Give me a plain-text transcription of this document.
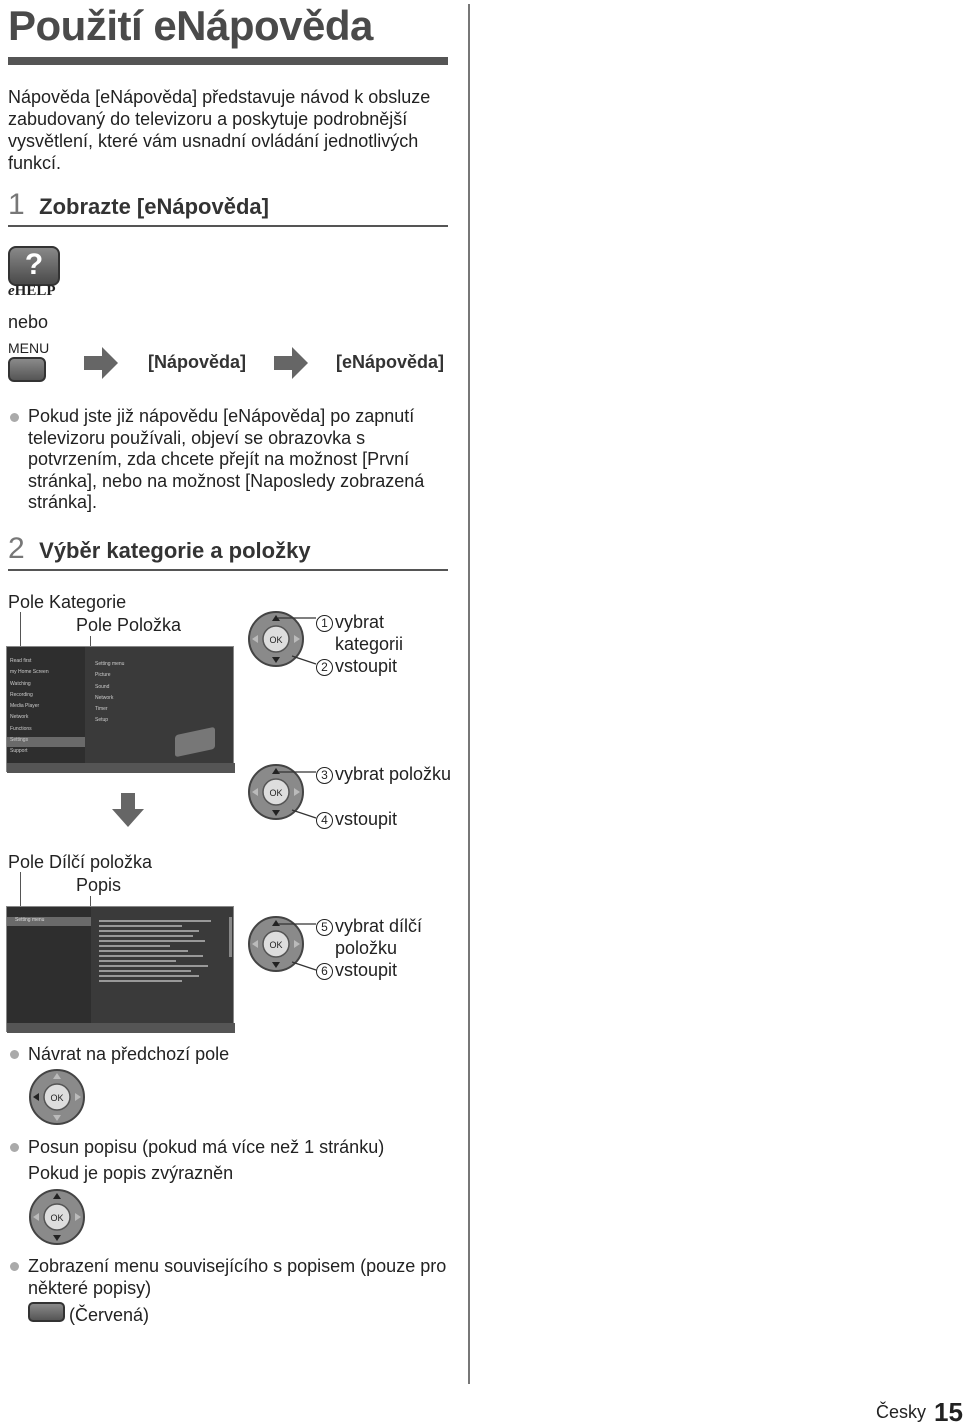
Použití eNápověda
Nápověda [eNápověda] představuje návod k obsluze zabudovaný do televizoru a poskytuje podrobnější vysvětlení, které vám usnadní ovládání jednotlivých funkcí.
1 Zobrazte [eNápověda]
?
eHELP
nebo
MENU
[Nápověda]	[eNápověda]
Pokud jste již nápovědu [eNápověda] po zapnutí televizoru používali, objeví se obrazovka s potvrzením, zda chcete přejít na možnost [První stránka], nebo na možnost [Naposledy zobrazená stránka].
2 Výběr kategorie a položky
Pole Kategorie
Pole Položka
Read first
my Home Screen
Watching
Recording
Media Player
Network
Functions
Settings
Support
Setting menu
Picture
Sound
Network
Timer
Setup
OK
1 vybrat
kategorii
2 vstoupit
OK
3 vybrat položku
4 vstoupit
Pole Dílčí položka
Popis
Setting menu
OK
5 vybrat dílčí
položku
6 vstoupit
Návrat na předchozí pole
OK
Posun popisu (pokud má více než 1 stránku)
Pokud je popis zvýrazněn
OK
Zobrazení menu souvisejícího s popisem (pouze pro některé popisy)
(Červená)
Česky 15
